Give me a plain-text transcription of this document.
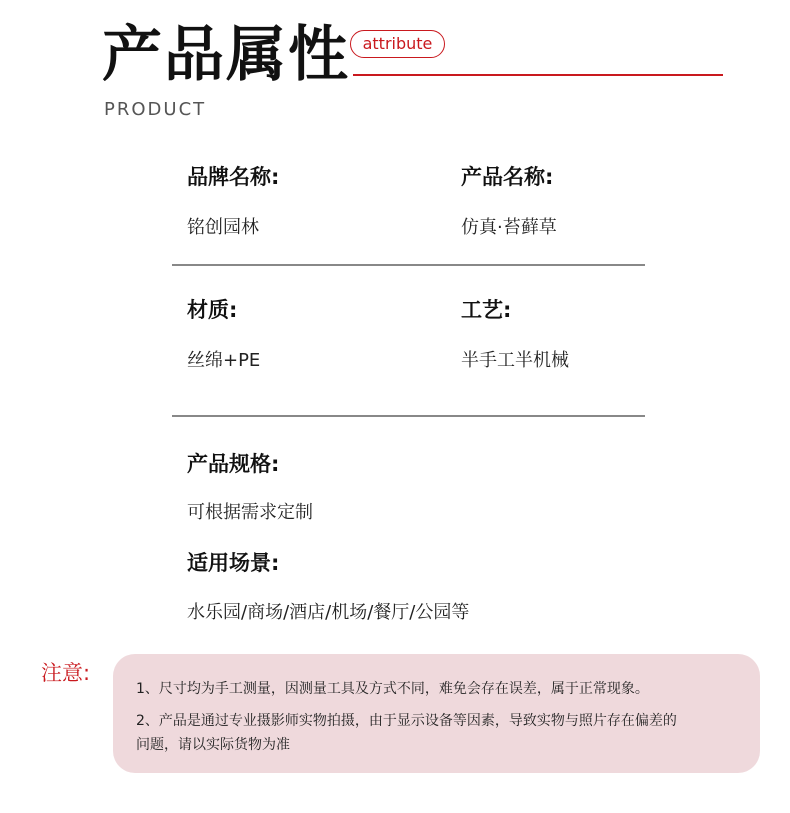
产品属性 attribute
PRODUCT
品牌名称:
铭创园林
产品名称:
仿真·苔藓草
材质:
丝绵+PE
工艺:
半手工半机械
产品规格:
可根据需求定制
适用场景:
水乐园/商场/酒店/机场/餐厅/公园等
注意:
1、尺寸均为手工测量，因测量工具及方式不同，难免会存在误差，属于正常现象。
2、产品是通过专业摄影师实物拍摄，由于显示设备等因素，导致实物与照片存在偏差的
问题，请以实际货物为准
